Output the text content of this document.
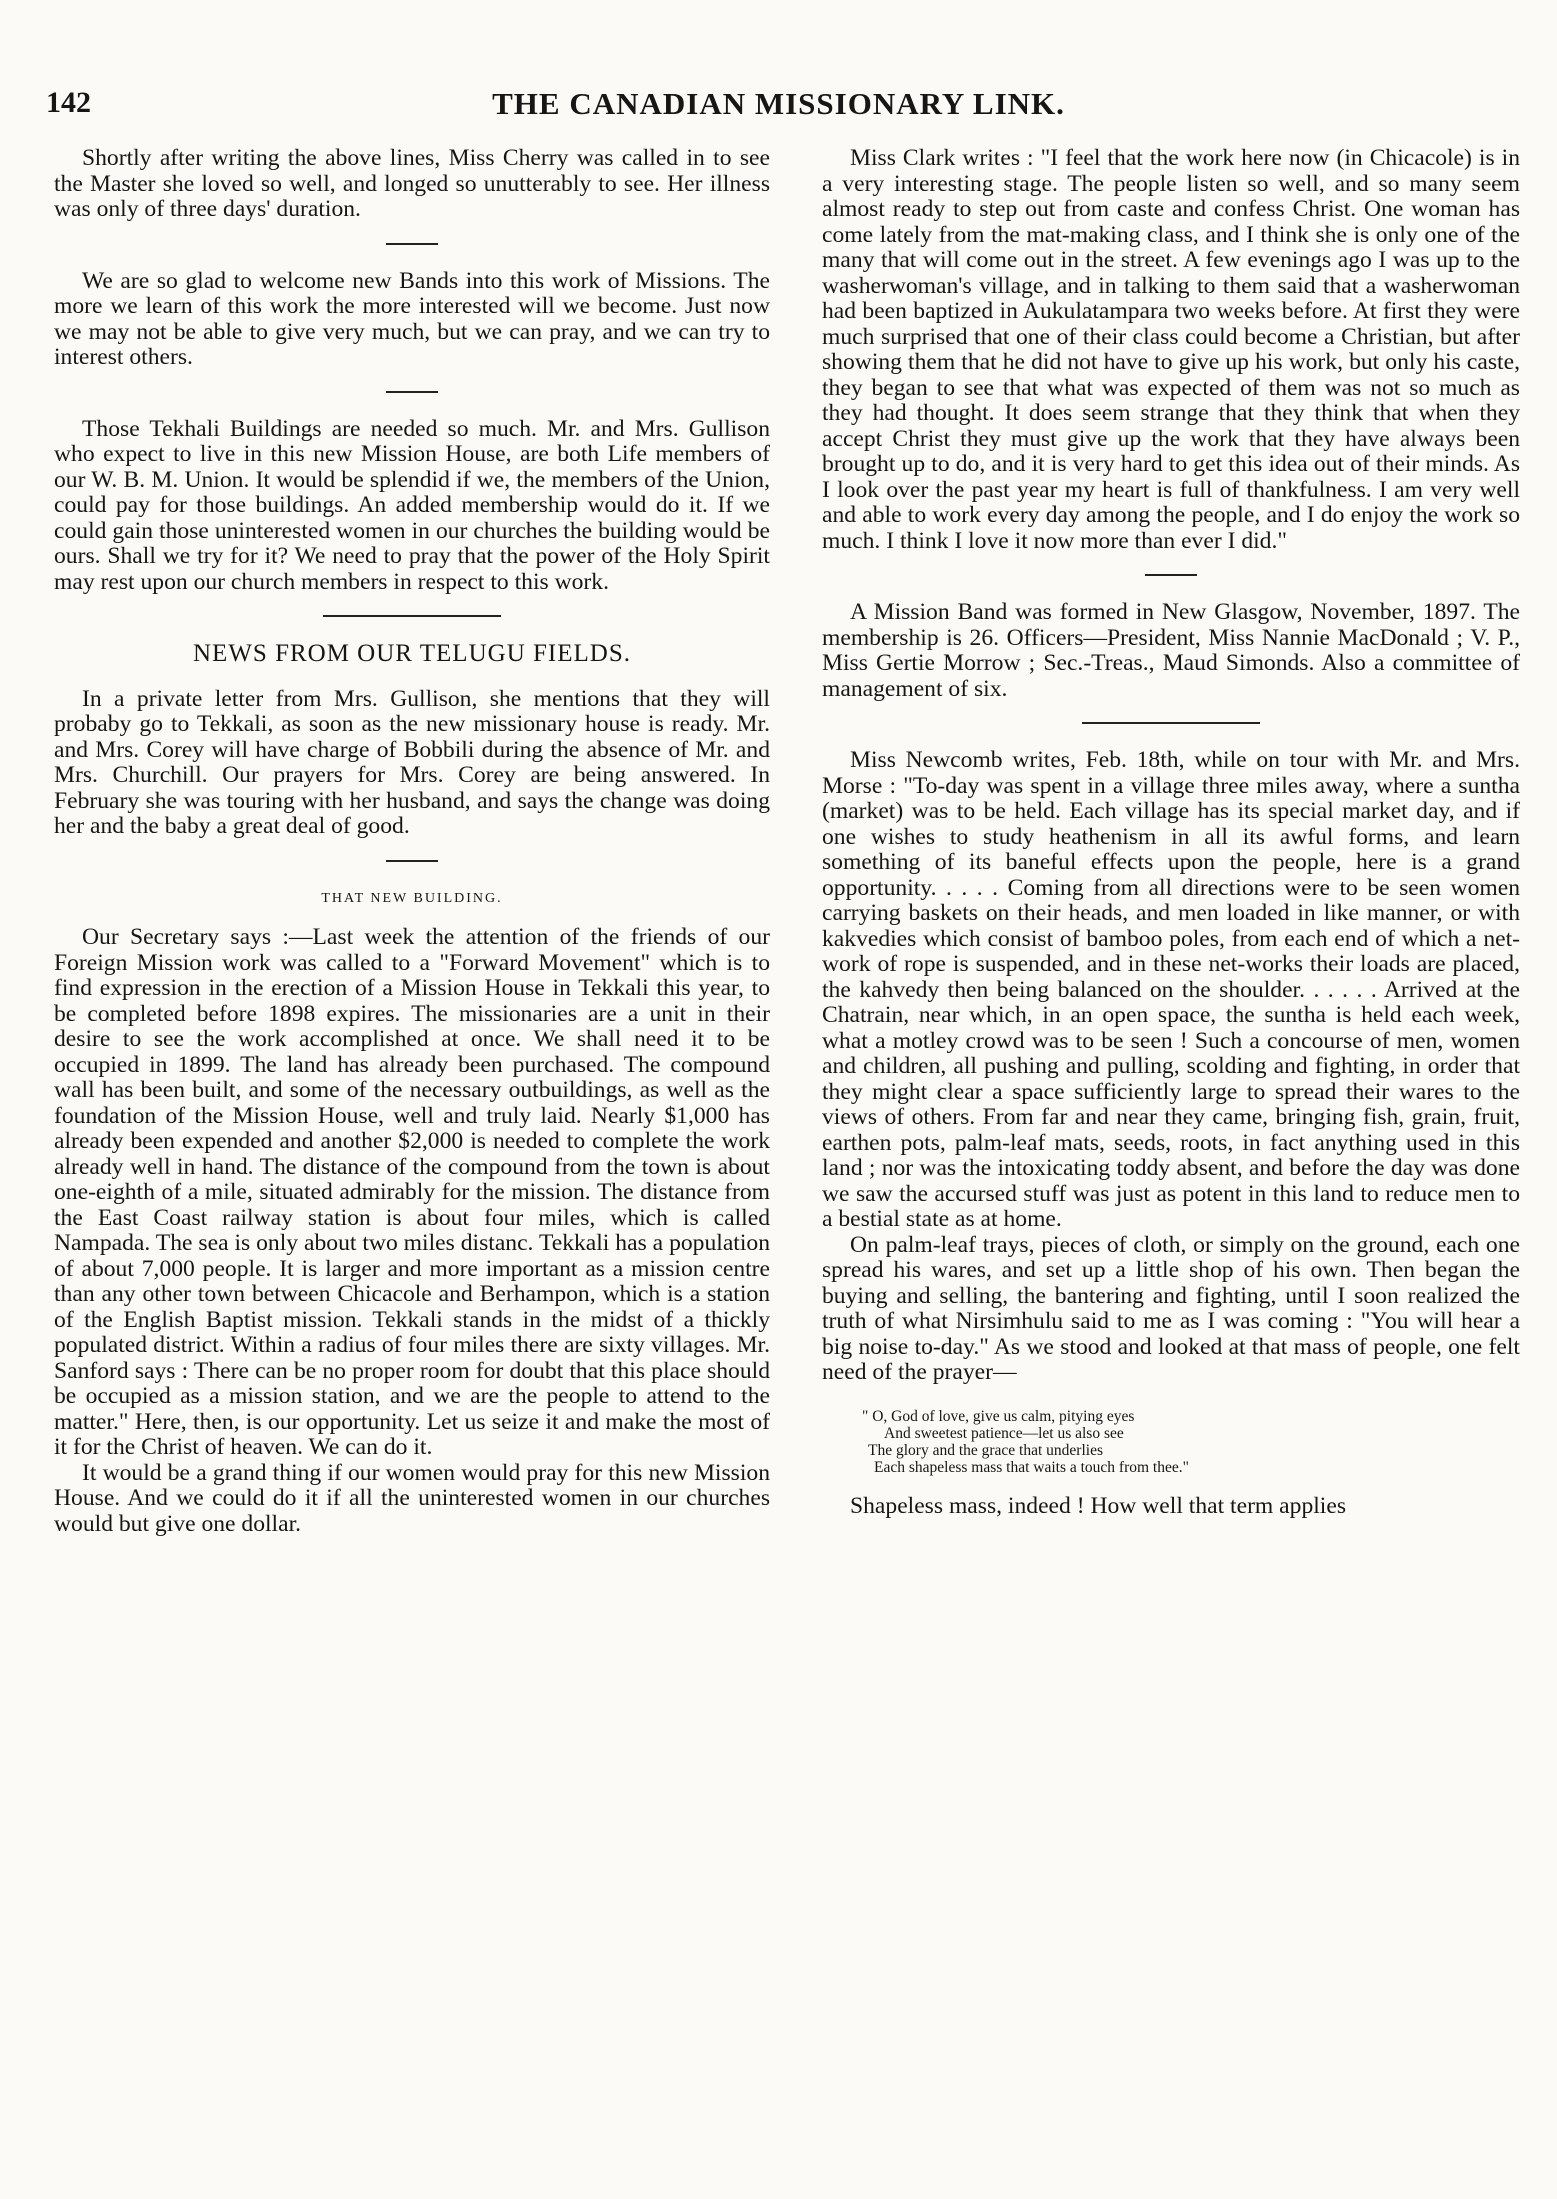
142	THE CANADIAN MISSIONARY LINK.

Shortly after writing the above lines, Miss Cherry was called in to see the Master she loved so well, and longed so unutterably to see. Her illness was only of three days' duration.

We are so glad to welcome new Bands into this work of Missions. The more we learn of this work the more interested will we become. Just now we may not be able to give very much, but we can pray, and we can try to interest others.

Those Tekhali Buildings are needed so much. Mr. and Mrs. Gullison who expect to live in this new Mission House, are both Life members of our W. B. M. Union. It would be splendid if we, the members of the Union, could pay for those buildings. An added membership would do it. If we could gain those uninterested women in our churches the building would be ours. Shall we try for it? We need to pray that the power of the Holy Spirit may rest upon our church members in respect to this work.

NEWS FROM OUR TELUGU FIELDS.

In a private letter from Mrs. Gullison, she mentions that they will probaby go to Tekkali, as soon as the new missionary house is ready. Mr. and Mrs. Corey will have charge of Bobbili during the absence of Mr. and Mrs. Churchill. Our prayers for Mrs. Corey are being answered. In February she was touring with her husband, and says the change was doing her and the baby a great deal of good.

THAT NEW BUILDING.

Our Secretary says :—Last week the attention of the friends of our Foreign Mission work was called to a "Forward Movement" which is to find expression in the erection of a Mission House in Tekkali this year, to be completed before 1898 expires. The missionaries are a unit in their desire to see the work accomplished at once. We shall need it to be occupied in 1899. The land has already been purchased. The compound wall has been built, and some of the necessary outbuildings, as well as the foundation of the Mission House, well and truly laid. Nearly $1,000 has already been expended and another $2,000 is needed to complete the work already well in hand. The distance of the compound from the town is about one-eighth of a mile, situated admirably for the mission. The distance from the East Coast railway station is about four miles, which is called Nampada. The sea is only about two miles distanc. Tekkali has a population of about 7,000 people. It is larger and more important as a mission centre than any other town between Chicacole and Berhampon, which is a station of the English Baptist mission. Tekkali stands in the midst of a thickly populated district. Within a radius of four miles there are sixty villages. Mr. Sanford says : There can be no proper room for doubt that this place should be occupied as a mission station, and we are the people to attend to the matter." Here, then, is our opportunity. Let us seize it and make the most of it for the Christ of heaven. We can do it.

It would be a grand thing if our women would pray for this new Mission House. And we could do it if all the uninterested women in our churches would but give one dollar.

Miss Clark writes : "I feel that the work here now (in Chicacole) is in a very interesting stage. The people listen so well, and so many seem almost ready to step out from caste and confess Christ. One woman has come lately from the mat-making class, and I think she is only one of the many that will come out in the street. A few evenings ago I was up to the washerwoman's village, and in talking to them said that a washerwoman had been baptized in Aukulatampara two weeks before. At first they were much surprised that one of their class could become a Christian, but after showing them that he did not have to give up his work, but only his caste, they began to see that what was expected of them was not so much as they had thought. It does seem strange that they think that when they accept Christ they must give up the work that they have always been brought up to do, and it is very hard to get this idea out of their minds. As I look over the past year my heart is full of thankfulness. I am very well and able to work every day among the people, and I do enjoy the work so much. I think I love it now more than ever I did."

A Mission Band was formed in New Glasgow, November, 1897. The membership is 26. Officers—President, Miss Nannie MacDonald ; V. P., Miss Gertie Morrow ; Sec.-Treas., Maud Simonds. Also a committee of management of six.

Miss Newcomb writes, Feb. 18th, while on tour with Mr. and Mrs. Morse : "To-day was spent in a village three miles away, where a suntha (market) was to be held. Each village has its special market day, and if one wishes to study heathenism in all its awful forms, and learn something of its baneful effects upon the people, here is a grand opportunity. . . . . Coming from all directions were to be seen women carrying baskets on their heads, and men loaded in like manner, or with kakvedies which consist of bamboo poles, from each end of which a net-work of rope is suspended, and in these net-works their loads are placed, the kahvedy then being balanced on the shoulder. . . . . . Arrived at the Chatrain, near which, in an open space, the suntha is held each week, what a motley crowd was to be seen ! Such a concourse of men, women and children, all pushing and pulling, scolding and fighting, in order that they might clear a space sufficiently large to spread their wares to the views of others. From far and near they came, bringing fish, grain, fruit, earthen pots, palm-leaf mats, seeds, roots, in fact anything used in this land ; nor was the intoxicating toddy absent, and before the day was done we saw the accursed stuff was just as potent in this land to reduce men to a bestial state as at home.

On palm-leaf trays, pieces of cloth, or simply on the ground, each one spread his wares, and set up a little shop of his own. Then began the buying and selling, the bantering and fighting, until I soon realized the truth of what Nirsimhulu said to me as I was coming : "You will hear a big noise to-day." As we stood and looked at that mass of people, one felt need of the prayer—

" O, God of love, give us calm, pitying eyes
And sweetest patience—let us also see
The glory and the grace that underlies
Each shapeless mass that waits a touch from thee."

Shapeless mass, indeed ! How well that term applies
